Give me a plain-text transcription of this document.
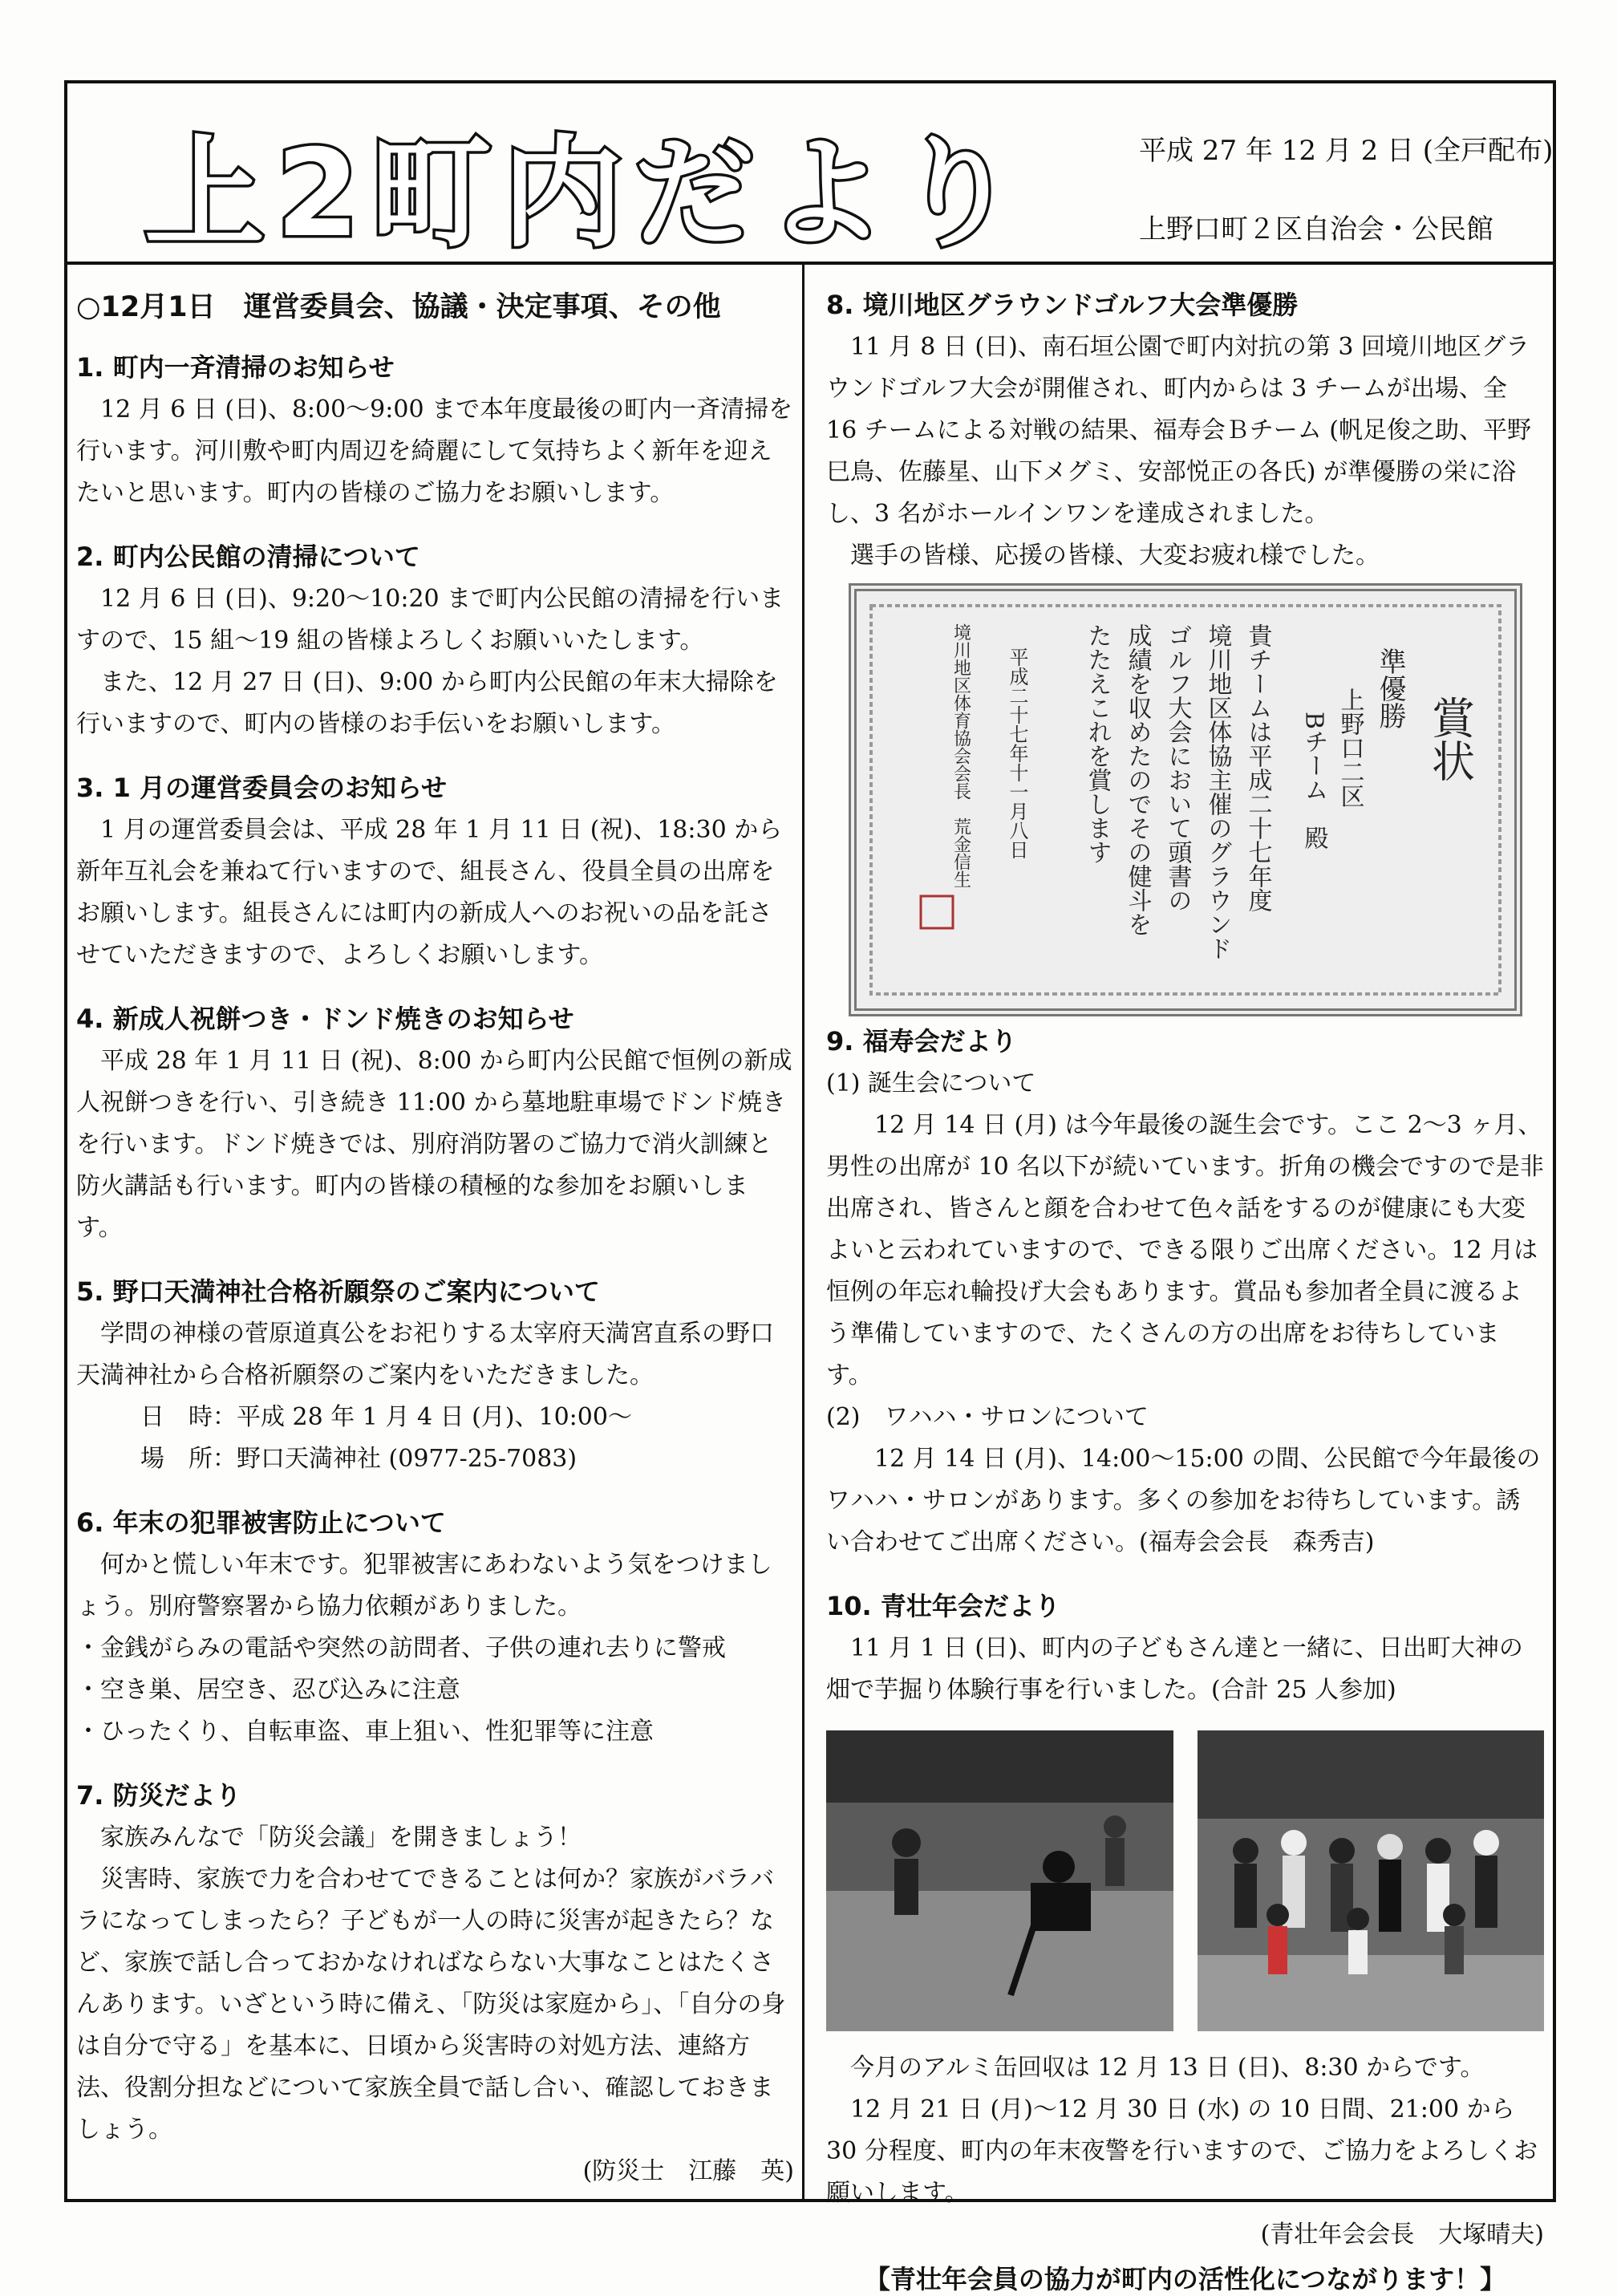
上2町内だより	平成 27 年 12 月 2 日 (全戸配布)
上野口町２区自治会・公民館
○12月1日　運営委員会、協議・決定事項、その他
1. 町内一斉清掃のお知らせ

12 月 6 日 (日)、8:00〜9:00 まで本年度最後の町内一斉清掃を行います。河川敷や町内周辺を綺麗にして気持ちよく新年を迎えたいと思います。町内の皆様のご協力をお願いします。

2. 町内公民館の清掃について

12 月 6 日 (日)、9:20〜10:20 まで町内公民館の清掃を行いますので、15 組〜19 組の皆様よろしくお願いいたします。

また、12 月 27 日 (日)、9:00 から町内公民館の年末大掃除を行いますので、町内の皆様のお手伝いをお願いします。

3. 1 月の運営委員会のお知らせ

1 月の運営委員会は、平成 28 年 1 月 11 日 (祝)、18:30 から新年互礼会を兼ねて行いますので、組長さん、役員全員の出席をお願いします。組長さんには町内の新成人へのお祝いの品を託させていただきますので、よろしくお願いします。

4. 新成人祝餅つき・ドンド焼きのお知らせ

平成 28 年 1 月 11 日 (祝)、8:00 から町内公民館で恒例の新成人祝餅つきを行い、引き続き 11:00 から墓地駐車場でドンド焼きを行います。ドンド焼きでは、別府消防署のご協力で消火訓練と防火講話も行います。町内の皆様の積極的な参加をお願いします。

5. 野口天満神社合格祈願祭のご案内について

学問の神様の菅原道真公をお祀りする太宰府天満宮直系の野口天満神社から合格祈願祭のご案内をいただきました。

日　時：平成 28 年 1 月 4 日 (月)、10:00〜

場　所：野口天満神社 (0977-25-7083)

6. 年末の犯罪被害防止について

何かと慌しい年末です。犯罪被害にあわないよう気をつけましょう。別府警察署から協力依頼がありました。

・金銭がらみの電話や突然の訪問者、子供の連れ去りに警戒

・空き巣、居空き、忍び込みに注意

・ひったくり、自転車盗、車上狙い、性犯罪等に注意

7. 防災だより

家族みんなで「防災会議」を開きましょう！

災害時、家族で力を合わせてできることは何か？家族がバラバラになってしまったら？子どもが一人の時に災害が起きたら？など、家族で話し合っておかなければならない大事なことはたくさんあります。いざという時に備え、「防災は家庭から」、「自分の身は自分で守る」を基本に、日頃から災害時の対処方法、連絡方法、役割分担などについて家族全員で話し合い、確認しておきましょう。

(防災士　江藤　英)

8. 境川地区グラウンドゴルフ大会準優勝

11 月 8 日 (日)、南石垣公園で町内対抗の第 3 回境川地区グラウンドゴルフ大会が開催され、町内からは 3 チームが出場、全 16 チームによる対戦の結果、福寿会Ｂチーム (帆足俊之助、平野巳鳥、佐藤星、山下メグミ、安部悦正の各氏) が準優勝の栄に浴し、3 名がホールインワンを達成されました。

選手の皆様、応援の皆様、大変お疲れ様でした。

賞状
準優勝
上野口二区
Bチーム　殿
貴チームは平成二十七年度
境川地区体協主催のグラウンド
ゴルフ大会において頭書の
成績を収めたのでその健斗を
たたえこれを賞します
平成二十七年十一月八日
境川地区体育協会会長　荒金信生
9. 福寿会だより

(1) 誕生会について

12 月 14 日 (月) は今年最後の誕生会です。ここ 2〜3 ヶ月、男性の出席が 10 名以下が続いています。折角の機会ですので是非出席され、皆さんと顔を合わせて色々話をするのが健康にも大変よいと云われていますので、できる限りご出席ください。12 月は恒例の年忘れ輪投げ大会もあります。賞品も参加者全員に渡るよう準備していますので、たくさんの方の出席をお待ちしています。

(2)　ワハハ・サロンについて

12 月 14 日 (月)、14:00〜15:00 の間、公民館で今年最後のワハハ・サロンがあります。多くの参加をお待ちしています。誘い合わせてご出席ください。(福寿会会長　森秀吉)

10. 青壮年会だより

11 月 1 日 (日)、町内の子どもさん達と一緒に、日出町大神の畑で芋掘り体験行事を行いました。(合計 25 人参加)

今月のアルミ缶回収は 12 月 13 日 (日)、8:30 からです。

12 月 21 日 (月)〜12 月 30 日 (水) の 10 日間、21:00 から 30 分程度、町内の年末夜警を行いますので、ご協力をよろしくお願いします。

(青壮年会会長　大塚晴夫)

【青壮年会員の協力が町内の活性化につながります！】
